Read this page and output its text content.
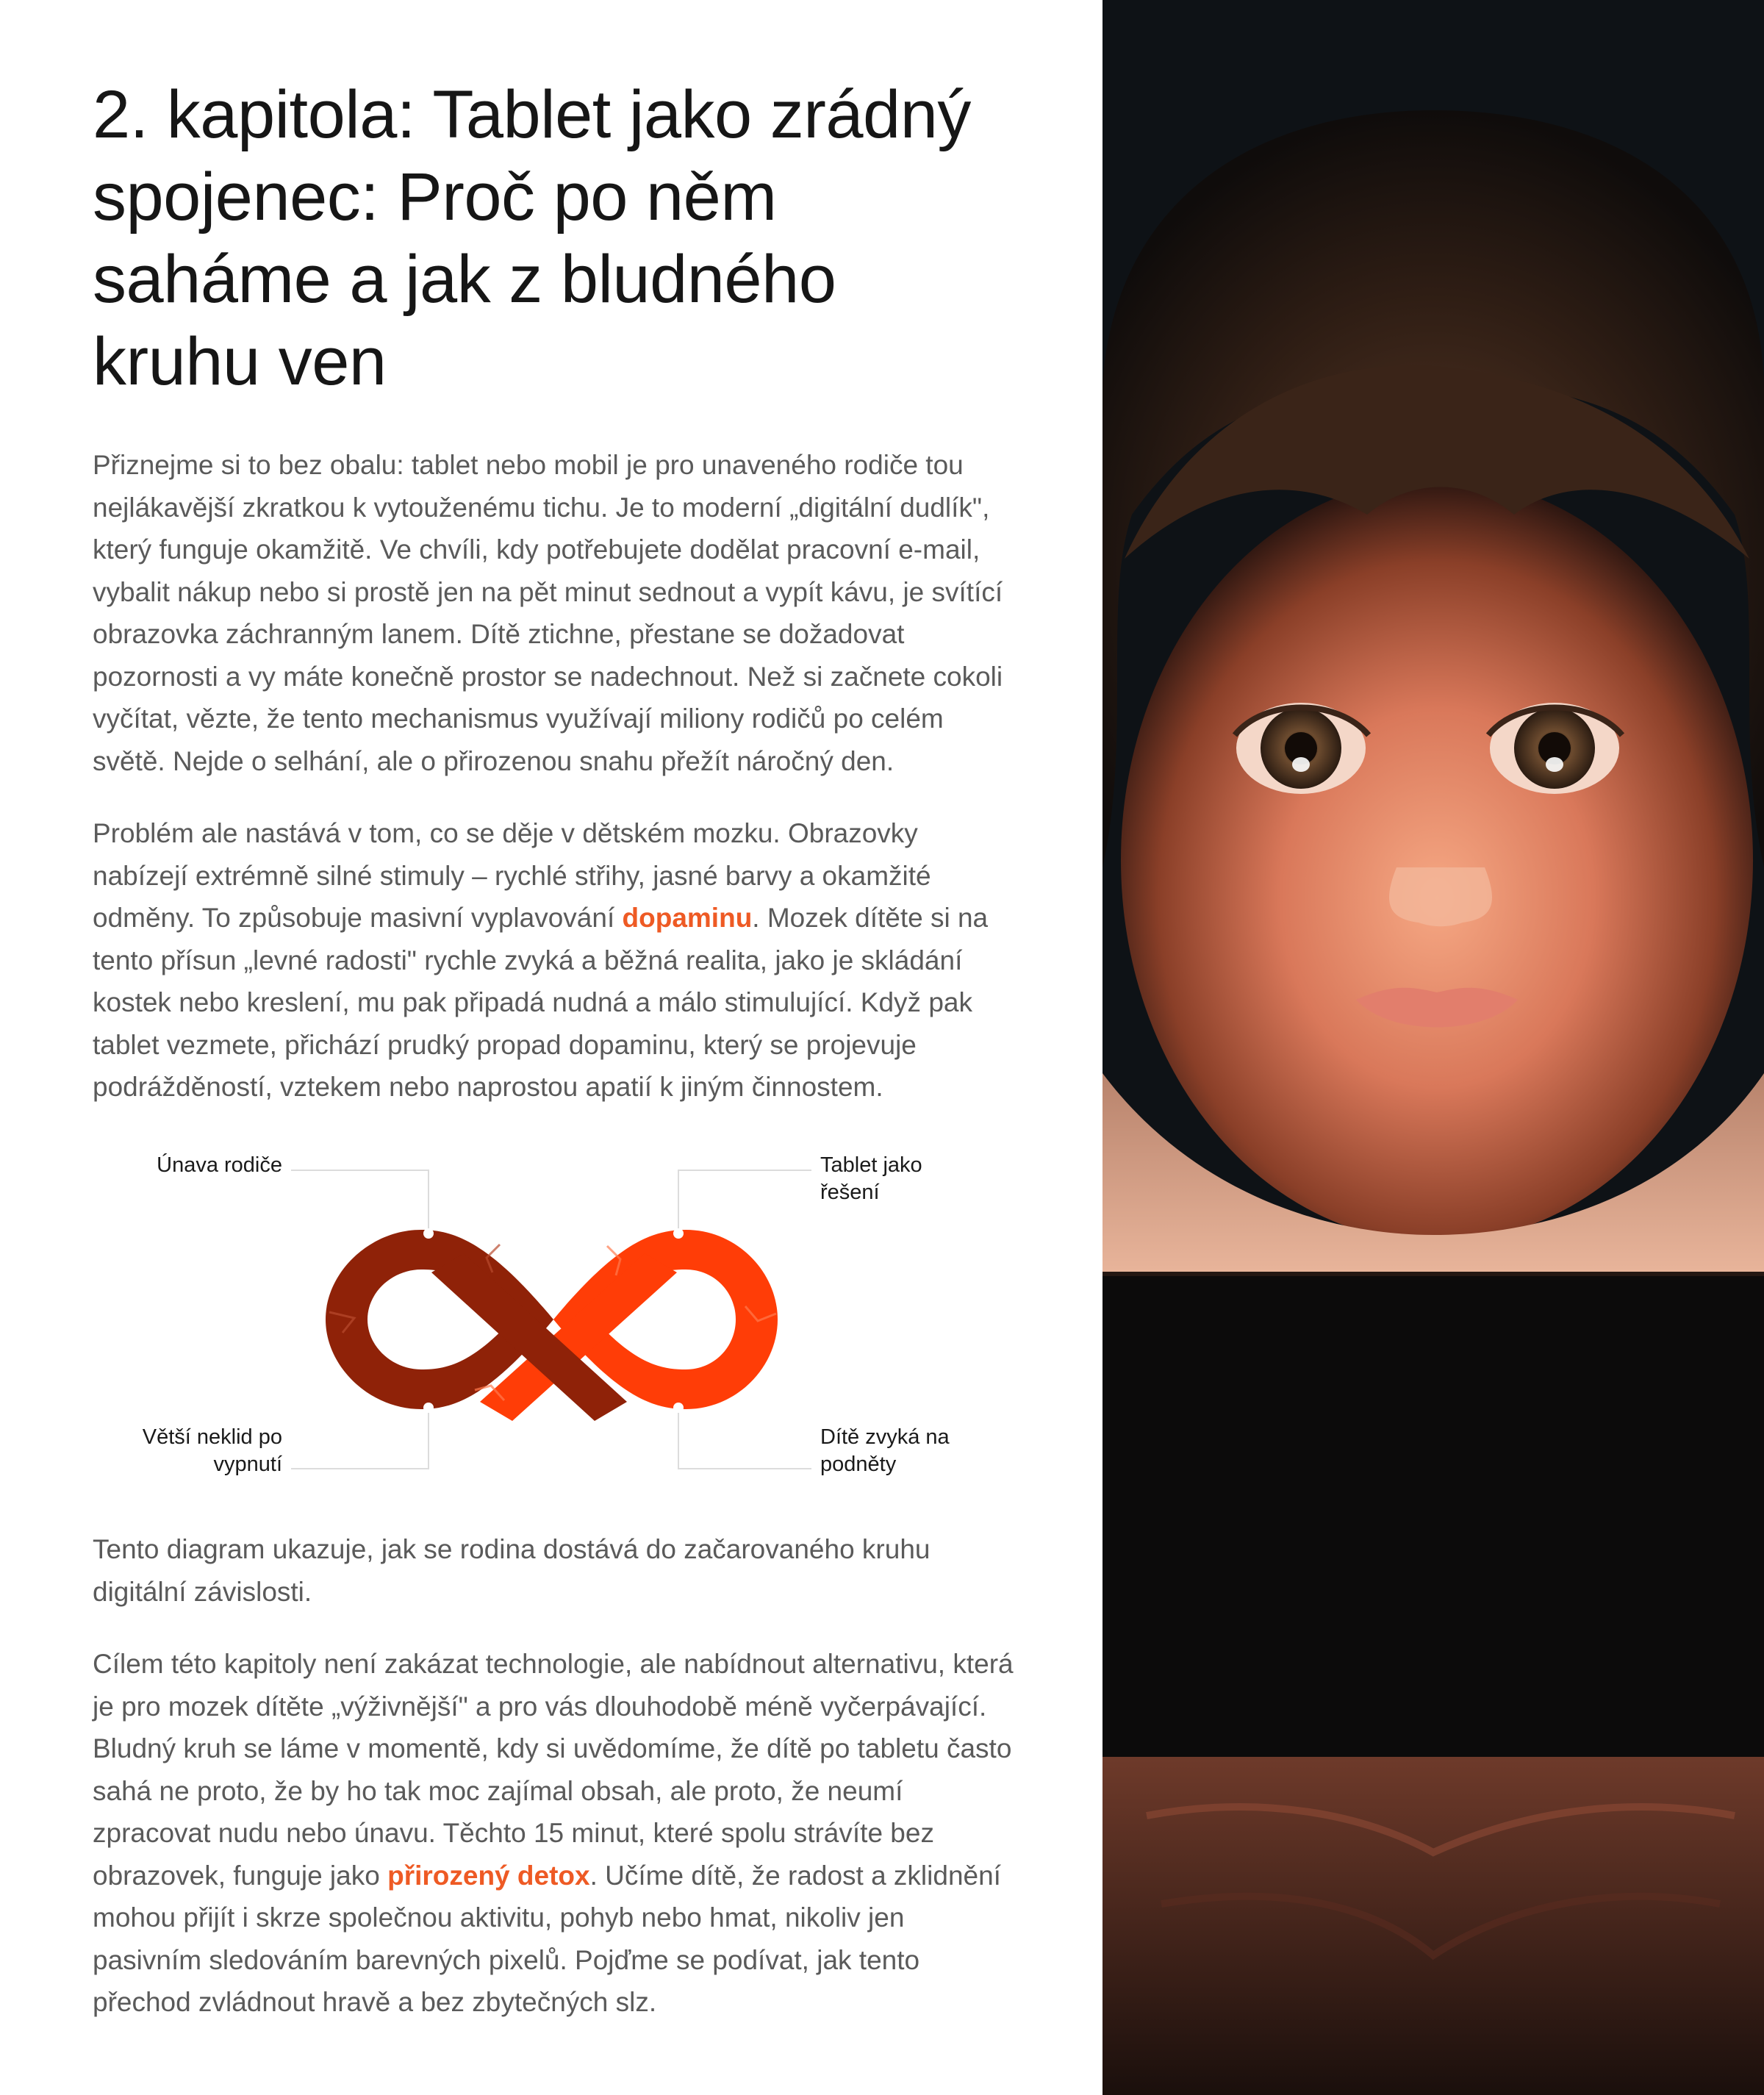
2. kapitola: Tablet jako zrádný spojenec: Proč po něm saháme a jak z bludného kruhu ven

Přiznejme si to bez obalu: tablet nebo mobil je pro unaveného rodiče tou nejlákavější zkratkou k vytouženému tichu. Je to moderní „digitální dudlík", který funguje okamžitě. Ve chvíli, kdy potřebujete dodělat pracovní e-mail, vybalit nákup nebo si prostě jen na pět minut sednout a vypít kávu, je svítící obrazovka záchranným lanem. Dítě ztichne, přestane se dožadovat pozornosti a vy máte konečně prostor se nadechnout. Než si začnete cokoli vyčítat, vězte, že tento mechanismus využívají miliony rodičů po celém světě. Nejde o selhání, ale o přirozenou snahu přežít náročný den.

Problém ale nastává v tom, co se děje v dětském mozku. Obrazovky nabízejí extrémně silné stimuly – rychlé střihy, jasné barvy a okamžité odměny. To způsobuje masivní vyplavování dopaminu. Mozek dítěte si na tento přísun „levné radosti" rychle zvyká a běžná realita, jako je skládání kostek nebo kreslení, mu pak připadá nudná a málo stimulující. Když pak tablet vezmete, přichází prudký propad dopaminu, který se projevuje podrážděností, vztekem nebo naprostou apatií k jiným činnostem.

Únava rodiče	Tablet jako řešení
Větší neklid po vypnutí
Dítě zvyká na podněty

Tento diagram ukazuje, jak se rodina dostává do začarovaného kruhu digitální závislosti.

Cílem této kapitoly není zakázat technologie, ale nabídnout alternativu, která je pro mozek dítěte „výživnější" a pro vás dlouhodobě méně vyčerpávající. Bludný kruh se láme v momentě, kdy si uvědomíme, že dítě po tabletu často sahá ne proto, že by ho tak moc zajímal obsah, ale proto, že neumí zpracovat nudu nebo únavu. Těchto 15 minut, které spolu strávíte bez obrazovek, funguje jako přirozený detox. Učíme dítě, že radost a zklidnění mohou přijít i skrze společnou aktivitu, pohyb nebo hmat, nikoliv jen pasivním sledováním barevných pixelů. Pojďme se podívat, jak tento přechod zvládnout hravě a bez zbytečných slz.
